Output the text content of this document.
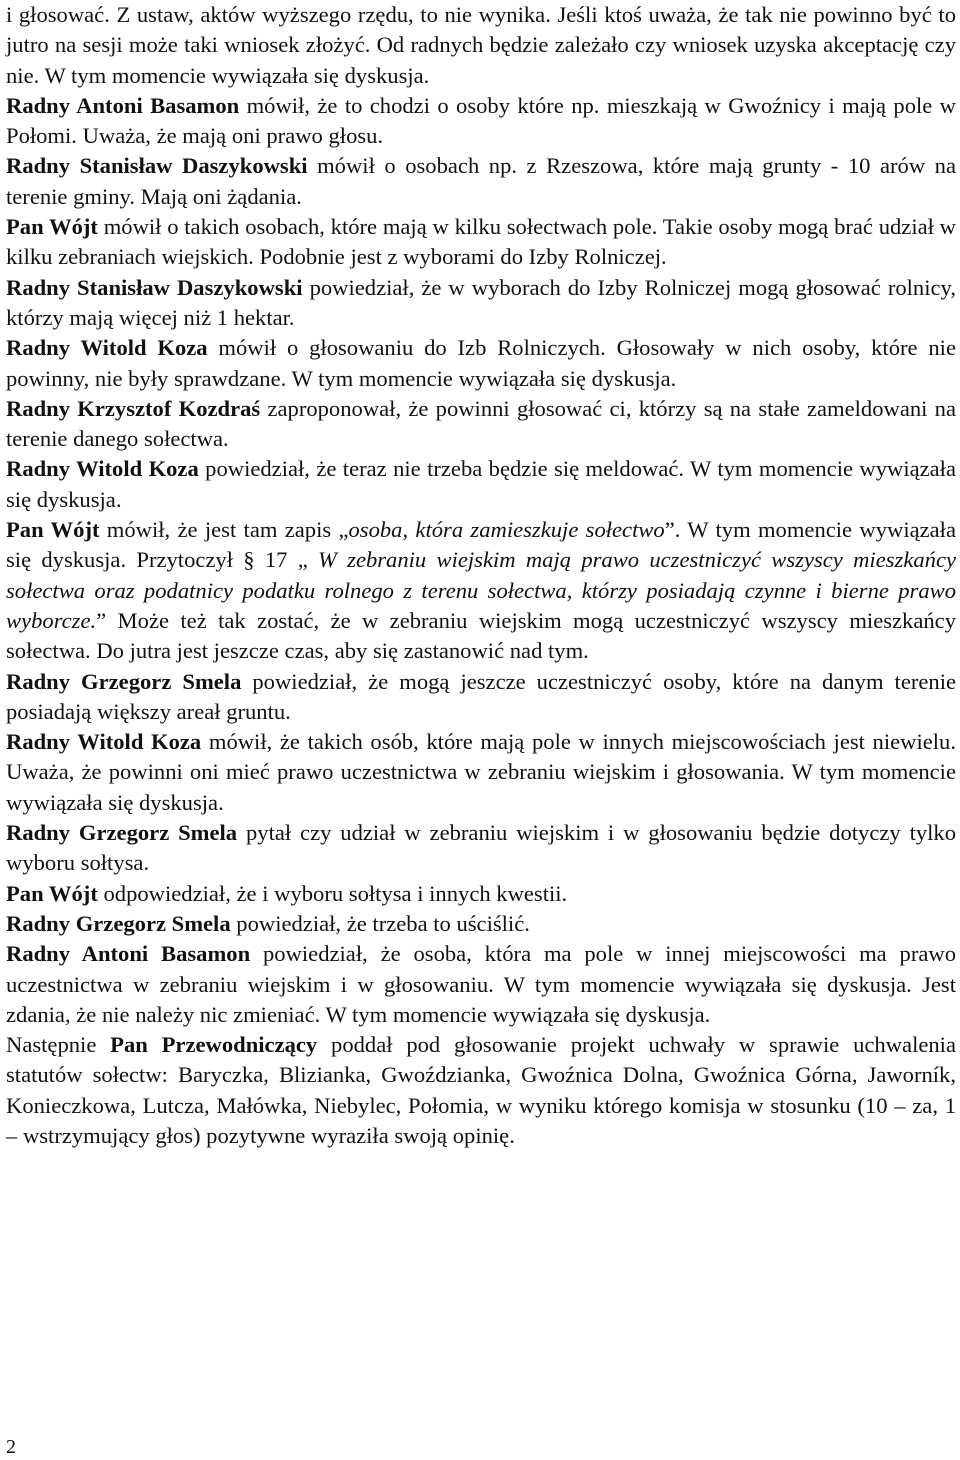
i głosować. Z ustaw, aktów wyższego rzędu, to nie wynika. Jeśli ktoś uważa, że tak nie powinno być to jutro na sesji może taki wniosek złożyć. Od radnych będzie zależało czy wniosek uzyska akceptację czy nie. W tym momencie wywiązała się dyskusja.

Radny Antoni Basamon mówił, że to chodzi o osoby które np. mieszkają w Gwoźnicy i mają pole w Połomi. Uważa, że mają oni prawo głosu.

Radny Stanisław Daszykowski mówił o osobach np. z Rzeszowa, które mają grunty - 10 arów na terenie gminy. Mają oni żądania.

Pan Wójt mówił o takich osobach, które mają w kilku sołectwach pole. Takie osoby mogą brać udział w kilku zebraniach wiejskich. Podobnie jest z wyborami do Izby Rolniczej.

Radny Stanisław Daszykowski powiedział, że w wyborach do Izby Rolniczej mogą głosować rolnicy, którzy mają więcej niż 1 hektar.

Radny Witold Koza mówił o głosowaniu do Izb Rolniczych. Głosowały w nich osoby, które nie powinny, nie były sprawdzane. W tym momencie wywiązała się dyskusja.

Radny Krzysztof Kozdraś zaproponował, że powinni głosować ci, którzy są na stałe zameldowani na terenie danego sołectwa.

Radny Witold Koza powiedział, że teraz nie trzeba będzie się meldować. W tym momencie wywiązała się dyskusja.

Pan Wójt mówił, że jest tam zapis „osoba, która zamieszkuje sołectwo”. W tym momencie wywiązała się dyskusja. Przytoczył § 17 „ W zebraniu wiejskim mają prawo uczestniczyć wszyscy mieszkańcy sołectwa oraz podatnicy podatku rolnego z terenu sołectwa, którzy posiadają czynne i bierne prawo wyborcze.” Może też tak zostać, że w zebraniu wiejskim mogą uczestniczyć wszyscy mieszkańcy sołectwa. Do jutra jest jeszcze czas, aby się zastanowić nad tym.

Radny Grzegorz Smela powiedział, że mogą jeszcze uczestniczyć osoby, które na danym terenie posiadają większy areał gruntu.

Radny Witold Koza mówił, że takich osób, które mają pole w innych miejscowościach jest niewielu. Uważa, że powinni oni mieć prawo uczestnictwa w zebraniu wiejskim i głosowania. W tym momencie wywiązała się dyskusja.

Radny Grzegorz Smela pytał czy udział w zebraniu wiejskim i w głosowaniu będzie dotyczy tylko wyboru sołtysa.

Pan Wójt odpowiedział, że i wyboru sołtysa i innych kwestii.

Radny Grzegorz Smela powiedział, że trzeba to uściślić.

Radny Antoni Basamon powiedział, że osoba, która ma pole w innej miejscowości ma prawo uczestnictwa w zebraniu wiejskim i w głosowaniu. W tym momencie wywiązała się dyskusja. Jest zdania, że nie należy nic zmieniać. W tym momencie wywiązała się dyskusja.

Następnie Pan Przewodniczący poddał pod głosowanie projekt uchwały w sprawie uchwalenia statutów sołectw: Baryczka, Blizianka, Gwoździanka, Gwoźnica Dolna, Gwoźnica Górna, Jaworník, Konieczkowa, Lutcza, Małówka, Niebylec, Połomia, w wyniku którego komisja w stosunku (10 – za, 1 – wstrzymujący głos) pozytywne wyraziła swoją opinię.

2
